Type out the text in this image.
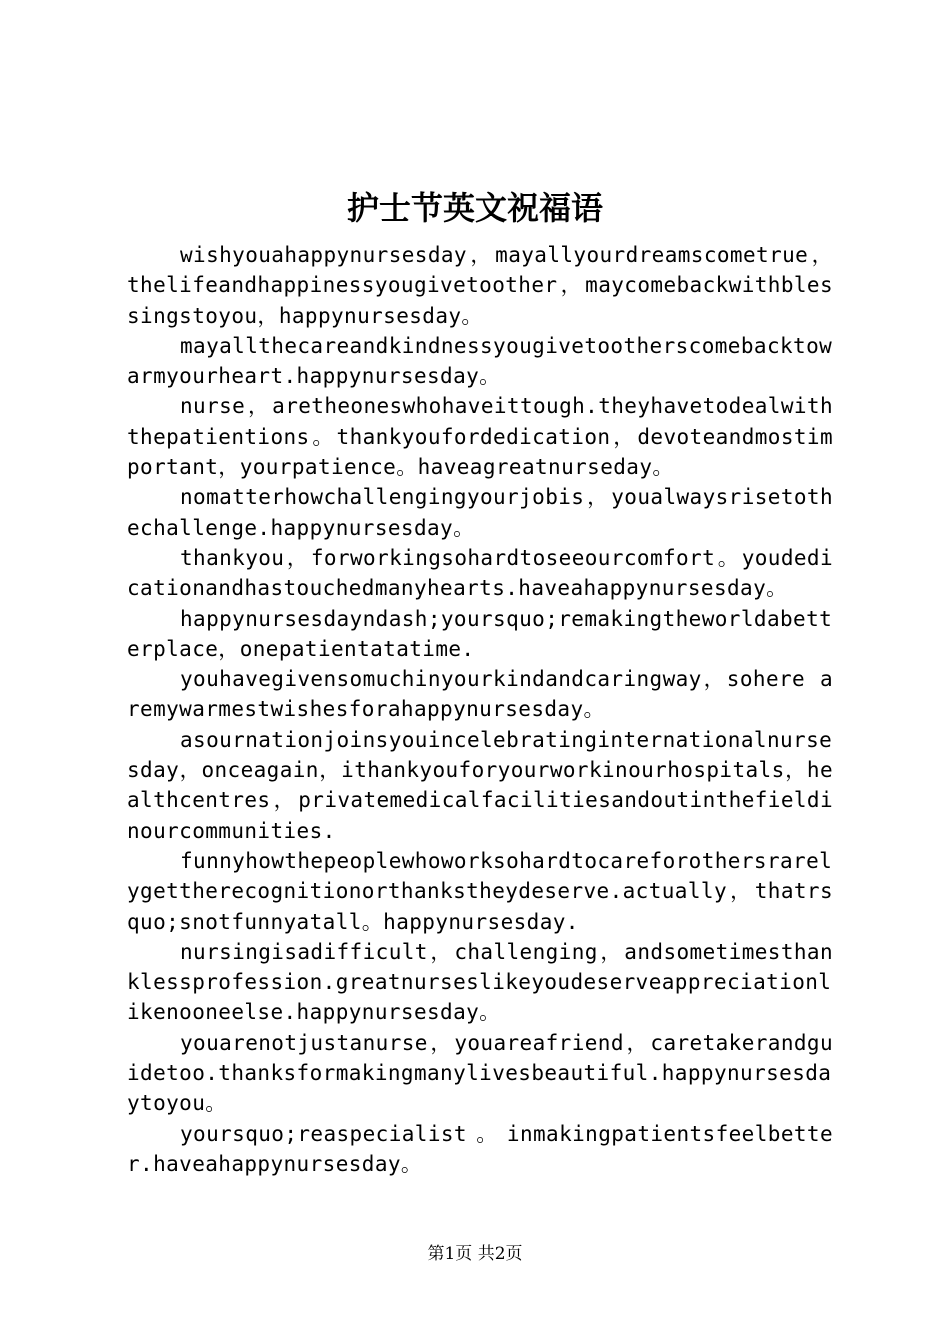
护士节英文祝福语

wishyouahappynursesday，mayallyourdreamscometrue，thelifeandhappinessyougivetoother，maycomebackwithblessingstoyou，happynursesday。

mayallthecareandkindnessyougivetootherscomebacktowarmyourheart.happynursesday。

nurse，aretheoneswhohaveittough.theyhavetodealwiththepatientions。thankyoufordedication，devoteandmostimportant，yourpatience。haveagreatnurseday。

nomatterhowchallengingyourjobis，youalwaysrisetothechallenge.happynursesday。

thankyou，forworkingsohardtoseeourcomfort。youdedicationandhastouchedmanyhearts.haveahappynursesday。

happynursesdayndash;yoursquo;remakingtheworldabetterplace，onepatientatatime.

youhavegivensomuchinyourkindandcaringway，sohere aremywarmestwishesforahappynursesday。

asournationjoinsyouincelebratinginternationalnursesday，onceagain，ithankyouforyourworkinourhospitals，healthcentres，privatemedicalfacilitiesandoutinthefieldinourcommunities.

funnyhowthepeoplewhoworksohardtocareforothersrarelygettherecognitionorthankstheydeserve.actually，thatrsquo;snotfunnyatall。happynursesday.

nursingisadifficult，challenging，andsometimesthanklessprofession.greatnurseslikeyoudeserveappreciationlikenooneelse.happynursesday。

youarenotjustanurse，youareafriend，caretakerandguidetoo.thanksformakingmanylivesbeautiful.happynursesdaytoyou。

yoursquo;reaspecialist。inmakingpatientsfeelbetter.haveahappynursesday。

第1页 共2页
